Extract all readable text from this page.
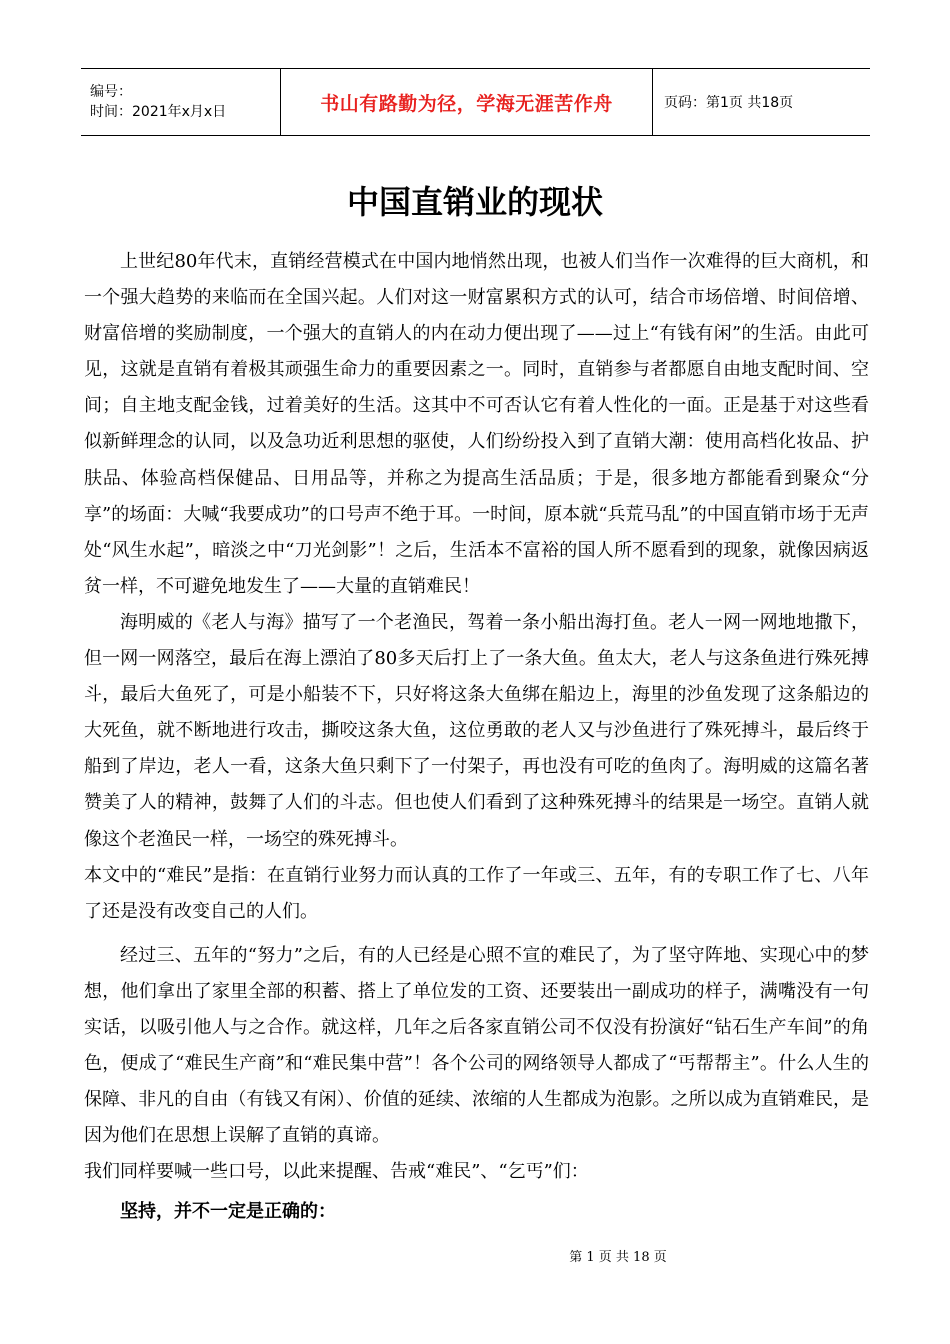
编号：
时间：2021年x月x日	书山有路勤为径，学海无涯苦作舟	页码：第1页 共18页
中国直销业的现状

上世纪80年代末，直销经营模式在中国内地悄然出现，也被人们当作一次难得的巨大商机，和一个强大趋势的来临而在全国兴起。人们对这一财富累积方式的认可，结合市场倍增、时间倍增、财富倍增的奖励制度，一个强大的直销人的内在动力便出现了——过上“有钱有闲”的生活。由此可见，这就是直销有着极其顽强生命力的重要因素之一。同时，直销参与者都愿自由地支配时间、空间；自主地支配金钱，过着美好的生活。这其中不可否认它有着人性化的一面。正是基于对这些看似新鲜理念的认同，以及急功近利思想的驱使，人们纷纷投入到了直销大潮：使用高档化妆品、护肤品、体验高档保健品、日用品等，并称之为提高生活品质；于是，很多地方都能看到聚众“分享”的场面：大喊“我要成功”的口号声不绝于耳。一时间，原本就“兵荒马乱”的中国直销市场于无声处“风生水起”，暗淡之中“刀光剑影”！之后，生活本不富裕的国人所不愿看到的现象，就像因病返贫一样，不可避免地发生了——大量的直销难民！

海明威的《老人与海》描写了一个老渔民，驾着一条小船出海打鱼。老人一网一网地地撒下，但一网一网落空，最后在海上漂泊了80多天后打上了一条大鱼。鱼太大，老人与这条鱼进行殊死搏斗，最后大鱼死了，可是小船装不下，只好将这条大鱼绑在船边上，海里的沙鱼发现了这条船边的大死鱼，就不断地进行攻击，撕咬这条大鱼，这位勇敢的老人又与沙鱼进行了殊死搏斗，最后终于船到了岸边，老人一看，这条大鱼只剩下了一付架子，再也没有可吃的鱼肉了。海明威的这篇名著赞美了人的精神，鼓舞了人们的斗志。但也使人们看到了这种殊死搏斗的结果是一场空。直销人就像这个老渔民一样，一场空的殊死搏斗。

本文中的“难民”是指：在直销行业努力而认真的工作了一年或三、五年，有的专职工作了七、八年了还是没有改变自己的人们。

经过三、五年的“努力”之后，有的人已经是心照不宣的难民了，为了坚守阵地、实现心中的梦想，他们拿出了家里全部的积蓄、搭上了单位发的工资、还要装出一副成功的样子，满嘴没有一句实话，以吸引他人与之合作。就这样，几年之后各家直销公司不仅没有扮演好“钻石生产车间”的角色，便成了“难民生产商”和“难民集中营”！各个公司的网络领导人都成了“丐帮帮主”。什么人生的保障、非凡的自由（有钱又有闲）、价值的延续、浓缩的人生都成为泡影。之所以成为直销难民，是因为他们在思想上误解了直销的真谛。

我们同样要喊一些口号，以此来提醒、告戒“难民”、“乞丐”们：

坚持，并不一定是正确的：

第 1 页 共 18 页
